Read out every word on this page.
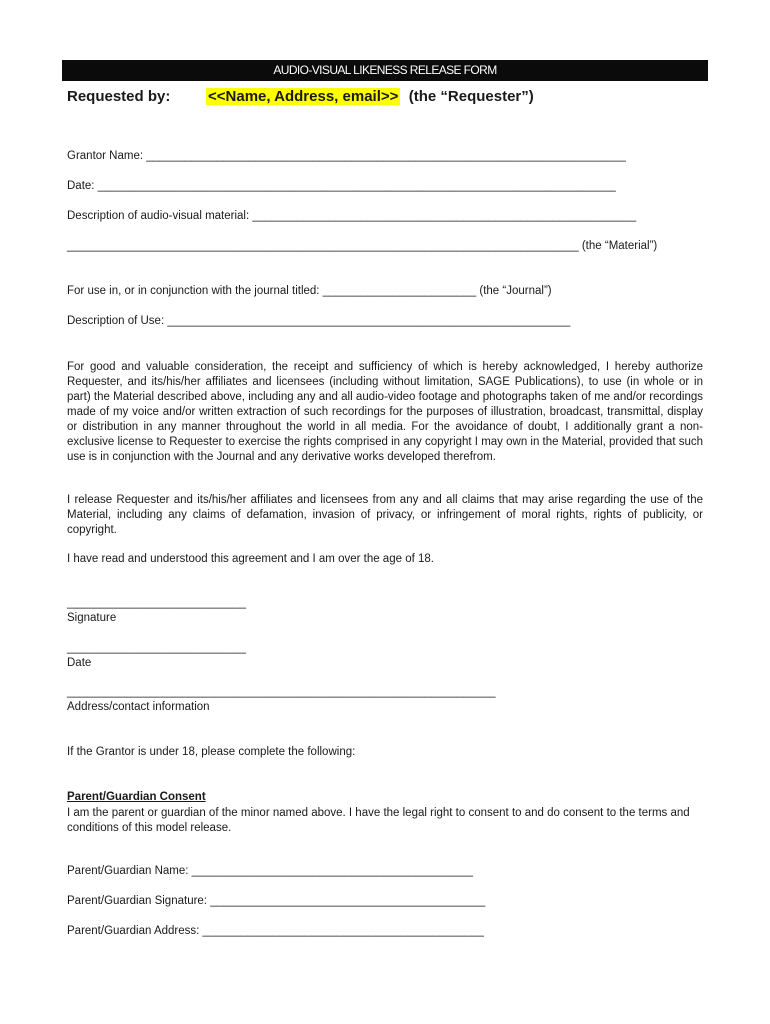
AUDIO-VISUAL LIKENESS RELEASE FORM
Requested by:	<<Name, Address, email>> (the “Requester”)
Grantor Name: ___________________________________________________________________________
Date: _________________________________________________________________________________
Description of audio-visual material: ____________________________________________________________
________________________________________________________________________________ (the “Material”)
For use in, or in conjunction with the journal titled: ________________________ (the “Journal”)
Description of Use: _______________________________________________________________
For good and valuable consideration, the receipt and sufficiency of which is hereby acknowledged, I hereby authorize Requester, and its/his/her affiliates and licensees (including without limitation, SAGE Publications), to use (in whole or in part) the Material described above, including any and all audio-video footage and photographs taken of me and/or recordings made of my voice and/or written extraction of such recordings for the purposes of illustration, broadcast, transmittal, display or distribution in any manner throughout the world in all media. For the avoidance of doubt, I additionally grant a non-exclusive license to Requester to exercise the rights comprised in any copyright I may own in the Material, provided that such use is in conjunction with the Journal and any derivative works developed therefrom.
I release Requester and its/his/her affiliates and licensees from any and all claims that may arise regarding the use of the Material, including any claims of defamation, invasion of privacy, or infringement of moral rights, rights of publicity, or copyright.
I have read and understood this agreement and I am over the age of 18.
____________________________
Signature
____________________________
Date
___________________________________________________________________
Address/contact information
If the Grantor is under 18, please complete the following:
Parent/Guardian Consent
I am the parent or guardian of the minor named above. I have the legal right to consent to and do consent to the terms and conditions of this model release.
Parent/Guardian Name: ____________________________________________
Parent/Guardian Signature: ___________________________________________
Parent/Guardian Address: ____________________________________________
